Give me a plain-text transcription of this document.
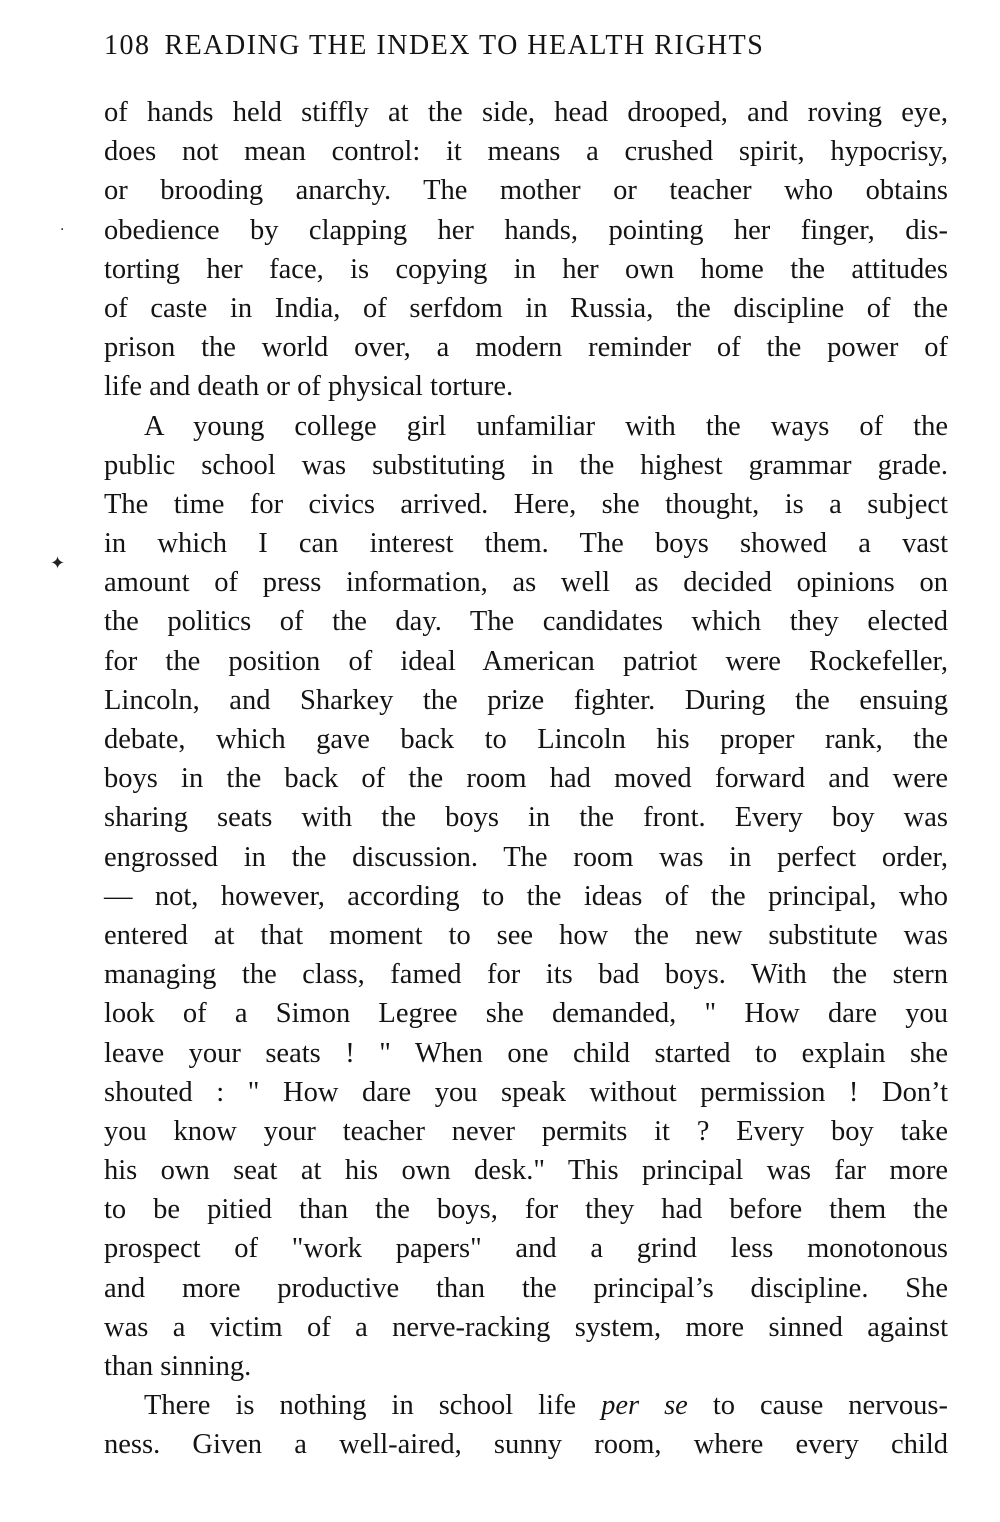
108 READING THE INDEX TO HEALTH RIGHTS
·
✦
of hands held stiffly at the side, head drooped, and roving eye,
does not mean control: it means a crushed spirit, hypocrisy,
or brooding anarchy. The mother or teacher who obtains
obedience by clapping her hands, pointing her finger, dis-
torting her face, is copying in her own home the attitudes
of caste in India, of serfdom in Russia, the discipline of the
prison the world over, a modern reminder of the power of
life and death or of physical torture.
A young college girl unfamiliar with the ways of the
public school was substituting in the highest grammar grade.
The time for civics arrived. Here, she thought, is a subject
in which I can interest them. The boys showed a vast
amount of press information, as well as decided opinions on
the politics of the day. The candidates which they elected
for the position of ideal American patriot were Rockefeller,
Lincoln, and Sharkey the prize fighter. During the ensuing
debate, which gave back to Lincoln his proper rank, the
boys in the back of the room had moved forward and were
sharing seats with the boys in the front. Every boy was
engrossed in the discussion. The room was in perfect order,
— not, however, according to the ideas of the principal, who
entered at that moment to see how the new substitute was
managing the class, famed for its bad boys. With the stern
look of a Simon Legree she demanded, " How dare you
leave your seats ! " When one child started to explain she
shouted : " How dare you speak without permission ! Don’t
you know your teacher never permits it ? Every boy take
his own seat at his own desk." This principal was far more
to be pitied than the boys, for they had before them the
prospect of "work papers" and a grind less monotonous
and more productive than the principal’s discipline. She
was a victim of a nerve-racking system, more sinned against
than sinning.
There is nothing in school life per se to cause nervous-
ness. Given a well-aired, sunny room, where every child
